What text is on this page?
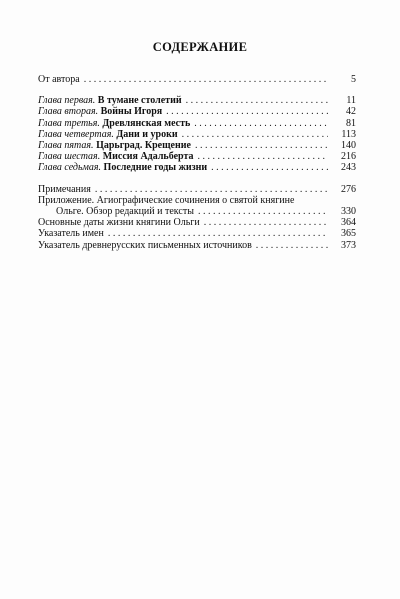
СОДЕРЖАНИЕ
От автора . . .	5
Глава первая. В тумане столетий . . .	11
Глава вторая. Войны Игоря . . .	42
Глава третья. Древлянская месть . . .	81
Глава четвертая. Дани и уроки . . .	113
Глава пятая. Царьград. Крещение . . .	140
Глава шестая. Миссия Адальберта . . .	216
Глава седьмая. Последние годы жизни . . .	243
Примечания . . .	276
Приложение. Агиографические сочинения о святой княгине
Ольге. Обзор редакций и тексты . . .	330
Основные даты жизни княгини Ольги . . .	364
Указатель имен . . .	365
Указатель древнерусских письменных источников . . .	373
